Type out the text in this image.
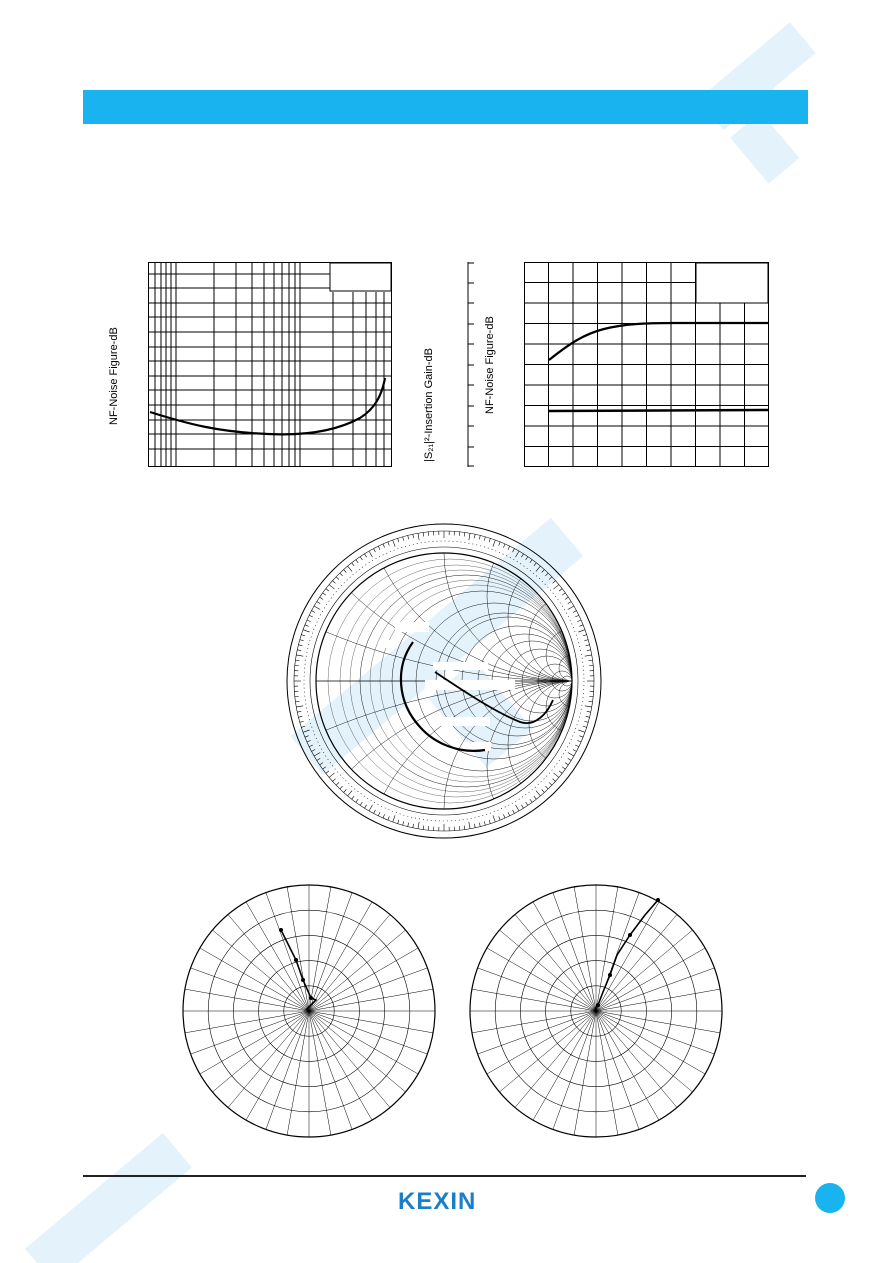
NF-Noise Figure-dB	|S₂₁|²-Insertion Gain-dB	NF-Noise Figure-dB
KEXIN
